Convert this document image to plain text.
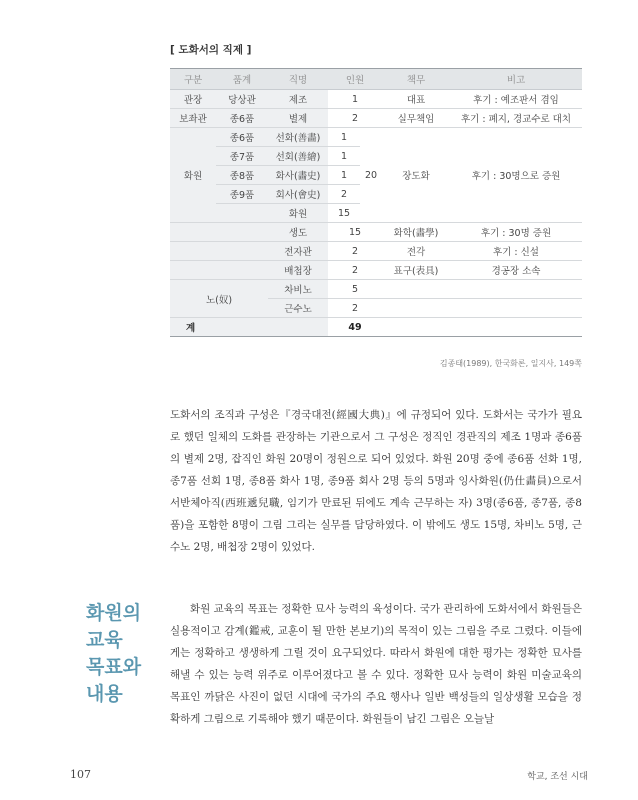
[ 도화서의 직제 ]
구분	품계	직명	인원		책무	비고
관장	당상관	제조	1		대표	후기 : 예조판서 겸임
보좌관	종6품	별제	2		실무책임	후기 : 폐지, 경교수로 대치
화원	종6품	선화(善畵)	1	20	장도화	후기 : 30명으로 증원
	종7품	선회(善繪)	1			
	종8품	화사(畵史)	1			
	종9품	회사(會史)	2			
		화원	15			
		생도	15		화학(畵學)	후기 : 30명 증원
		전자관	2		전각	후기 : 신설
		배첩장	2		표구(表具)	경공장 소속
노(奴)		차비노	5			
		근수노	2			
계			49			
김종태(1989), 한국화론, 일지사, 149쪽

도화서의 조직과 구성은『경국대전(經國大典)』에 규정되어 있다. 도화서는 국가가 필요로 했던 일체의 도화를 관장하는 기관으로서 그 구성은 정직인 경관직의 제조 1명과 종6품의 별제 2명, 잡직인 화원 20명이 정원으로 되어 있었다. 화원 20명 중에 종6품 선화 1명, 종7품 선회 1명, 종8품 화사 1명, 종9품 회사 2명 등의 5명과 잉사화원(仍仕畵員)으로서 서반체아직(西班遞兒職, 임기가 만료된 뒤에도 계속 근무하는 자) 3명(종6품, 종7품, 종8품)을 포함한 8명이 그림 그리는 실무를 담당하였다. 이 밖에도 생도 15명, 차비노 5명, 근수노 2명, 배첩장 2명이 있었다.

화원의
교육
목표와
내용

화원 교육의 목표는 정확한 묘사 능력의 육성이다. 국가 관리하에 도화서에서 화원들은 실용적이고 감계(鑑戒, 교훈이 될 만한 본보기)의 목적이 있는 그림을 주로 그렸다. 이들에게는 정확하고 생생하게 그릴 것이 요구되었다. 따라서 화원에 대한 평가는 정확한 묘사를 해낼 수 있는 능력 위주로 이루어졌다고 볼 수 있다. 정확한 묘사 능력이 화원 미술교육의 목표인 까닭은 사진이 없던 시대에 국가의 주요 행사나 일반 백성들의 일상생활 모습을 정확하게 그림으로 기록해야 했기 때문이다. 화원들이 남긴 그림은 오늘날

107	학교, 조선 시대
